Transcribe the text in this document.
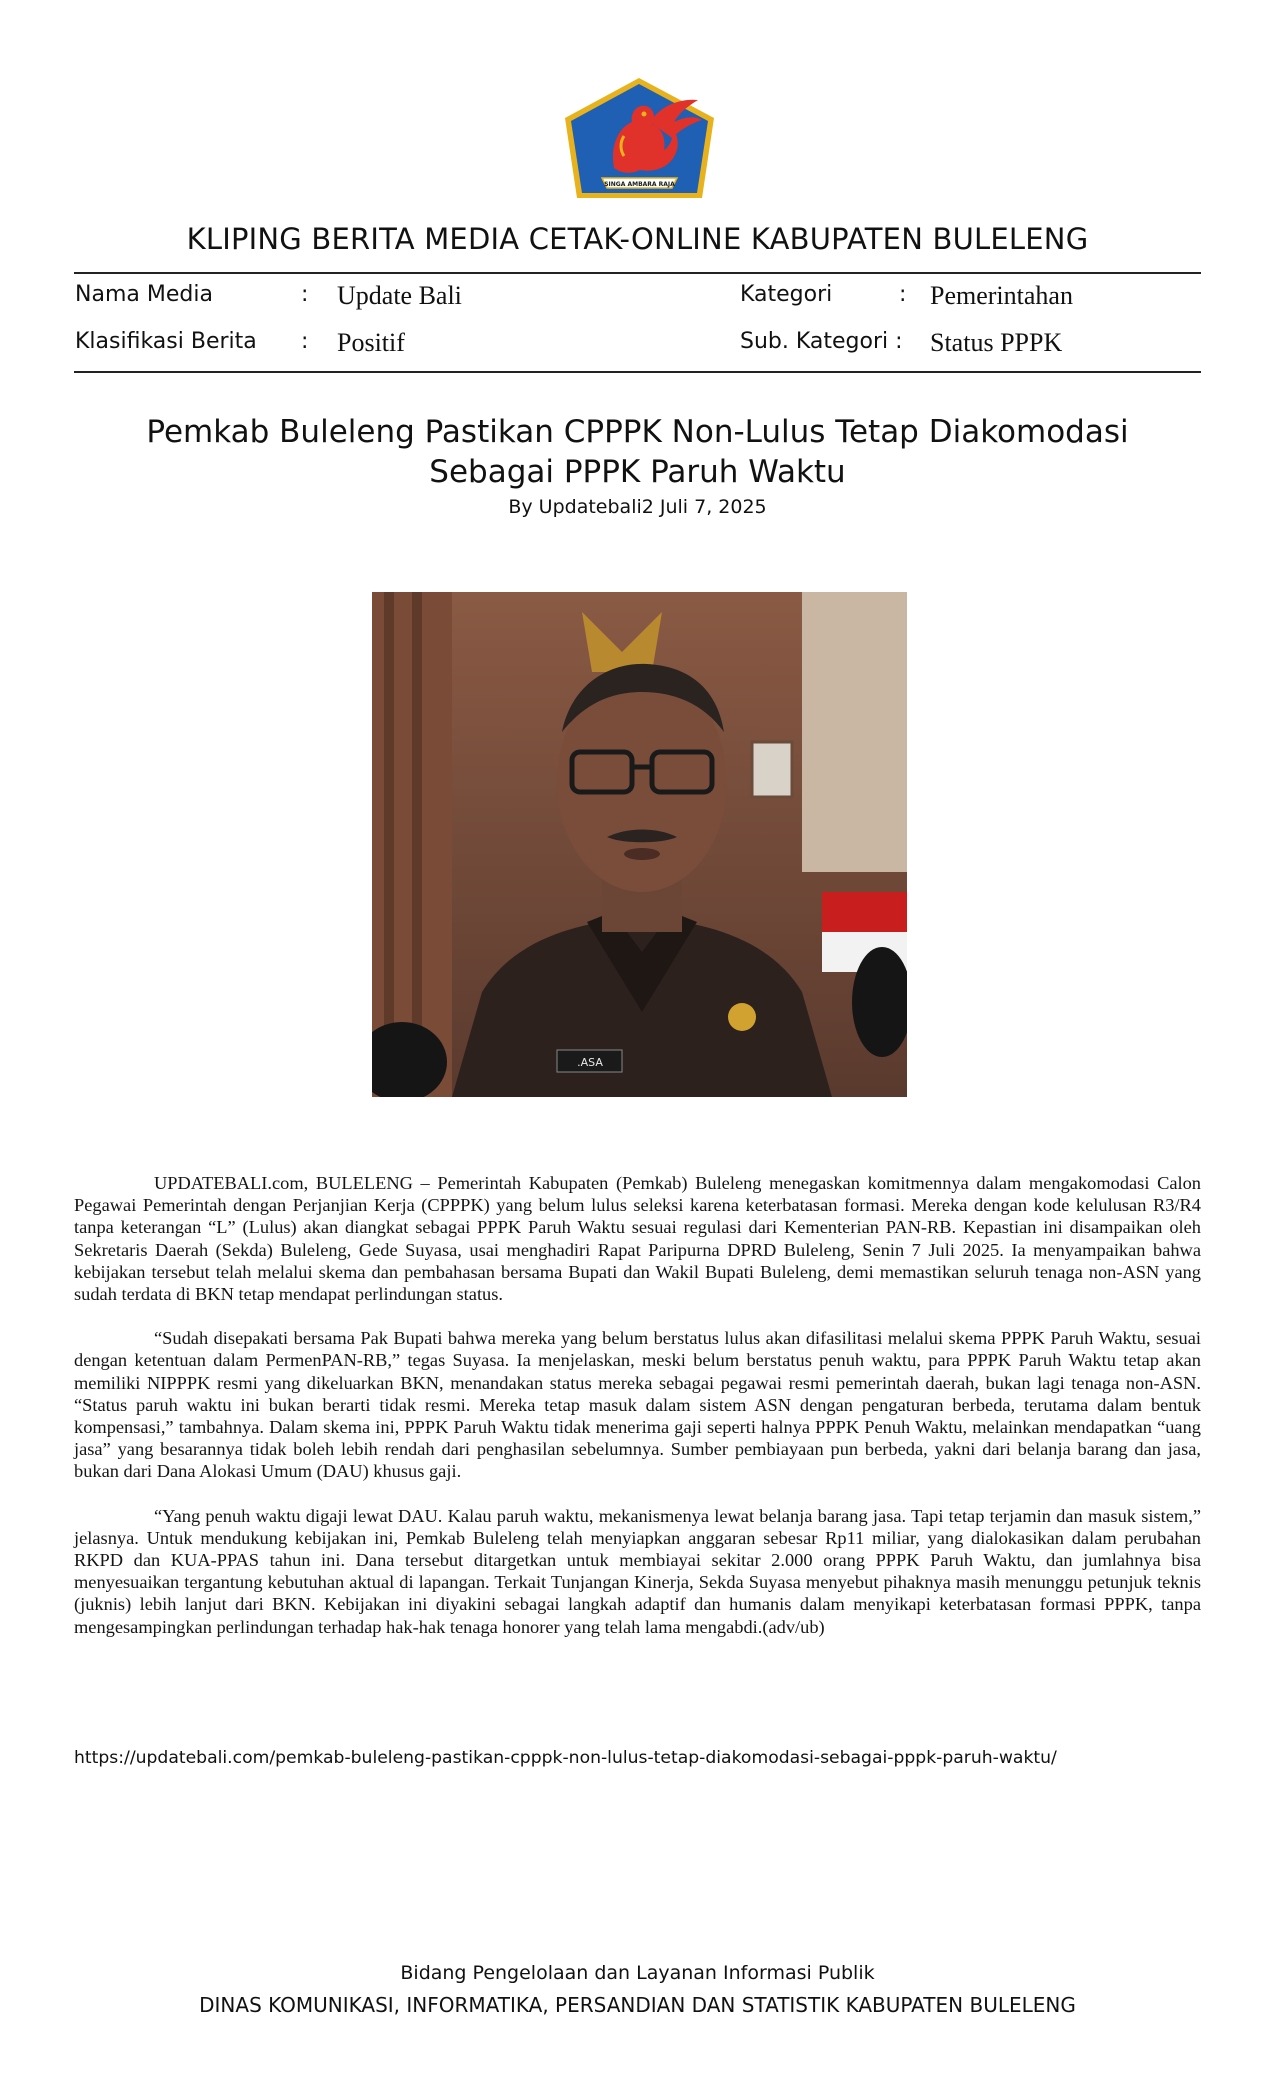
SINGA AMBARA RAJA
KLIPING BERITA MEDIA CETAK-ONLINE KABUPATEN BULELENG
Nama Media	: Update Bali	Kategori	: Pemerintahan
Klasifikasi Berita : Positif	Sub. Kategori : Status PPPK
Pemkab Buleleng Pastikan CPPPK Non-Lulus Tetap Diakomodasi Sebagai PPPK Paruh Waktu
By Updatebali2 Juli 7, 2025
.ASA

UPDATEBALI.com, BULELENG – Pemerintah Kabupaten (Pemkab) Buleleng menegaskan komitmennya dalam mengakomodasi Calon Pegawai Pemerintah dengan Perjanjian Kerja (CPPPK) yang belum lulus seleksi karena keterbatasan formasi. Mereka dengan kode kelulusan R3/R4 tanpa keterangan “L” (Lulus) akan diangkat sebagai PPPK Paruh Waktu sesuai regulasi dari Kementerian PAN-RB. Kepastian ini disampaikan oleh Sekretaris Daerah (Sekda) Buleleng, Gede Suyasa, usai menghadiri Rapat Paripurna DPRD Buleleng, Senin 7 Juli 2025. Ia menyampaikan bahwa kebijakan tersebut telah melalui skema dan pembahasan bersama Bupati dan Wakil Bupati Buleleng, demi memastikan seluruh tenaga non-ASN yang sudah terdata di BKN tetap mendapat perlindungan status.

“Sudah disepakati bersama Pak Bupati bahwa mereka yang belum berstatus lulus akan difasilitasi melalui skema PPPK Paruh Waktu, sesuai dengan ketentuan dalam PermenPAN-RB,” tegas Suyasa. Ia menjelaskan, meski belum berstatus penuh waktu, para PPPK Paruh Waktu tetap akan memiliki NIPPPK resmi yang dikeluarkan BKN, menandakan status mereka sebagai pegawai resmi pemerintah daerah, bukan lagi tenaga non-ASN. “Status paruh waktu ini bukan berarti tidak resmi. Mereka tetap masuk dalam sistem ASN dengan pengaturan berbeda, terutama dalam bentuk kompensasi,” tambahnya. Dalam skema ini, PPPK Paruh Waktu tidak menerima gaji seperti halnya PPPK Penuh Waktu, melainkan mendapatkan “uang jasa” yang besarannya tidak boleh lebih rendah dari penghasilan sebelumnya. Sumber pembiayaan pun berbeda, yakni dari belanja barang dan jasa, bukan dari Dana Alokasi Umum (DAU) khusus gaji.

“Yang penuh waktu digaji lewat DAU. Kalau paruh waktu, mekanismenya lewat belanja barang jasa. Tapi tetap terjamin dan masuk sistem,” jelasnya. Untuk mendukung kebijakan ini, Pemkab Buleleng telah menyiapkan anggaran sebesar Rp11 miliar, yang dialokasikan dalam perubahan RKPD dan KUA-PPAS tahun ini. Dana tersebut ditargetkan untuk membiayai sekitar 2.000 orang PPPK Paruh Waktu, dan jumlahnya bisa menyesuaikan tergantung kebutuhan aktual di lapangan. Terkait Tunjangan Kinerja, Sekda Suyasa menyebut pihaknya masih menunggu petunjuk teknis (juknis) lebih lanjut dari BKN. Kebijakan ini diyakini sebagai langkah adaptif dan humanis dalam menyikapi keterbatasan formasi PPPK, tanpa mengesampingkan perlindungan terhadap hak-hak tenaga honorer yang telah lama mengabdi.(adv/ub)

https://updatebali.com/pemkab-buleleng-pastikan-cpppk-non-lulus-tetap-diakomodasi-sebagai-pppk-paruh-waktu/
Bidang Pengelolaan dan Layanan Informasi Publik
DINAS KOMUNIKASI, INFORMATIKA, PERSANDIAN DAN STATISTIK KABUPATEN BULELENG
